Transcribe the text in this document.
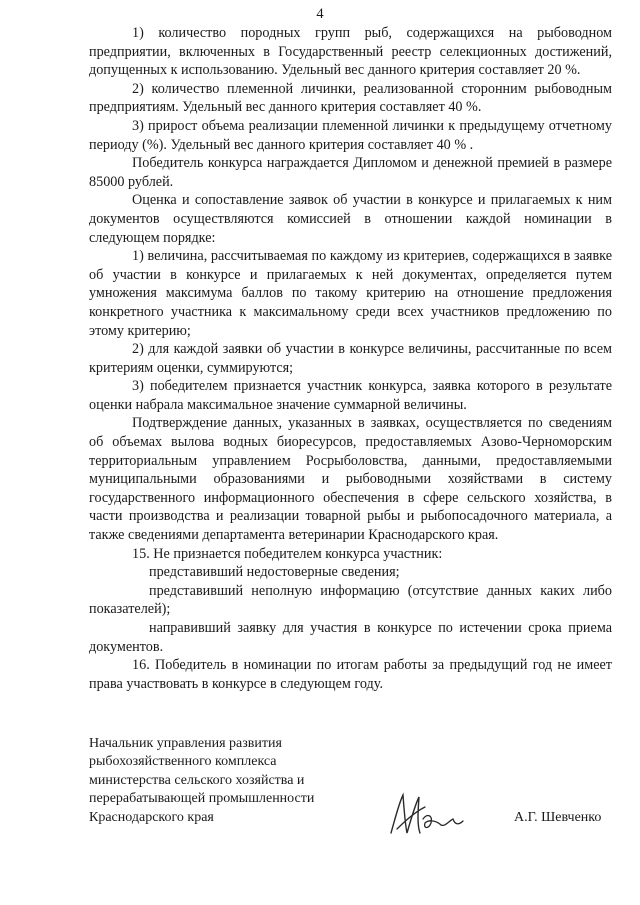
4

1) количество породных групп рыб, содержащихся на рыбоводном предприятии, включенных в Государственный реестр селекционных достижений, допущенных к использованию. Удельный вес данного критерия составляет 20 %.

2) количество племенной личинки, реализованной сторонним рыбоводным предприятиям. Удельный вес данного критерия составляет 40 %.

3) прирост объема реализации племенной личинки к предыдущему отчетному периоду (%). Удельный вес данного критерия составляет 40 % .

Победитель конкурса награждается Дипломом и денежной премией в размере 85000 рублей.

Оценка и сопоставление заявок об участии в конкурсе и прилагаемых к ним документов осуществляются комиссией в отношении каждой номинации в следующем порядке:

1) величина, рассчитываемая по каждому из критериев, содержащихся в заявке об участии в конкурсе и прилагаемых к ней документах, определяется путем умножения максимума баллов по такому критерию на отношение предложения конкретного участника к максимальному среди всех участников предложению по этому критерию;

2) для каждой заявки об участии в конкурсе величины, рассчитанные по всем критериям оценки, суммируются;

3) победителем признается участник конкурса, заявка которого в результате оценки набрала максимальное значение суммарной величины.

Подтверждение данных, указанных в заявках, осуществляется по сведениям об объемах вылова водных биоресурсов, предоставляемых Азово-Черноморским территориальным управлением Росрыболовства, данными, предоставляемыми муниципальными образованиями и рыбоводными хозяйствами в систему государственного информационного обеспечения в сфере сельского хозяйства, в части производства и реализации товарной рыбы и рыбопосадочного материала, а также сведениями департамента ветеринарии Краснодарского края.

15. Не признается победителем конкурса участник:

представивший недостоверные сведения;

представивший неполную информацию (отсутствие данных каких либо показателей);

направивший заявку для участия в конкурсе по истечении срока приема документов.

16. Победитель в номинации по итогам работы за предыдущий год не имеет права участвовать в конкурсе в следующем году.

Начальник управления развития
рыбохозяйственного комплекса
министерства сельского хозяйства и
перерабатывающей промышленности
Краснодарского края	А.Г. Шевченко
